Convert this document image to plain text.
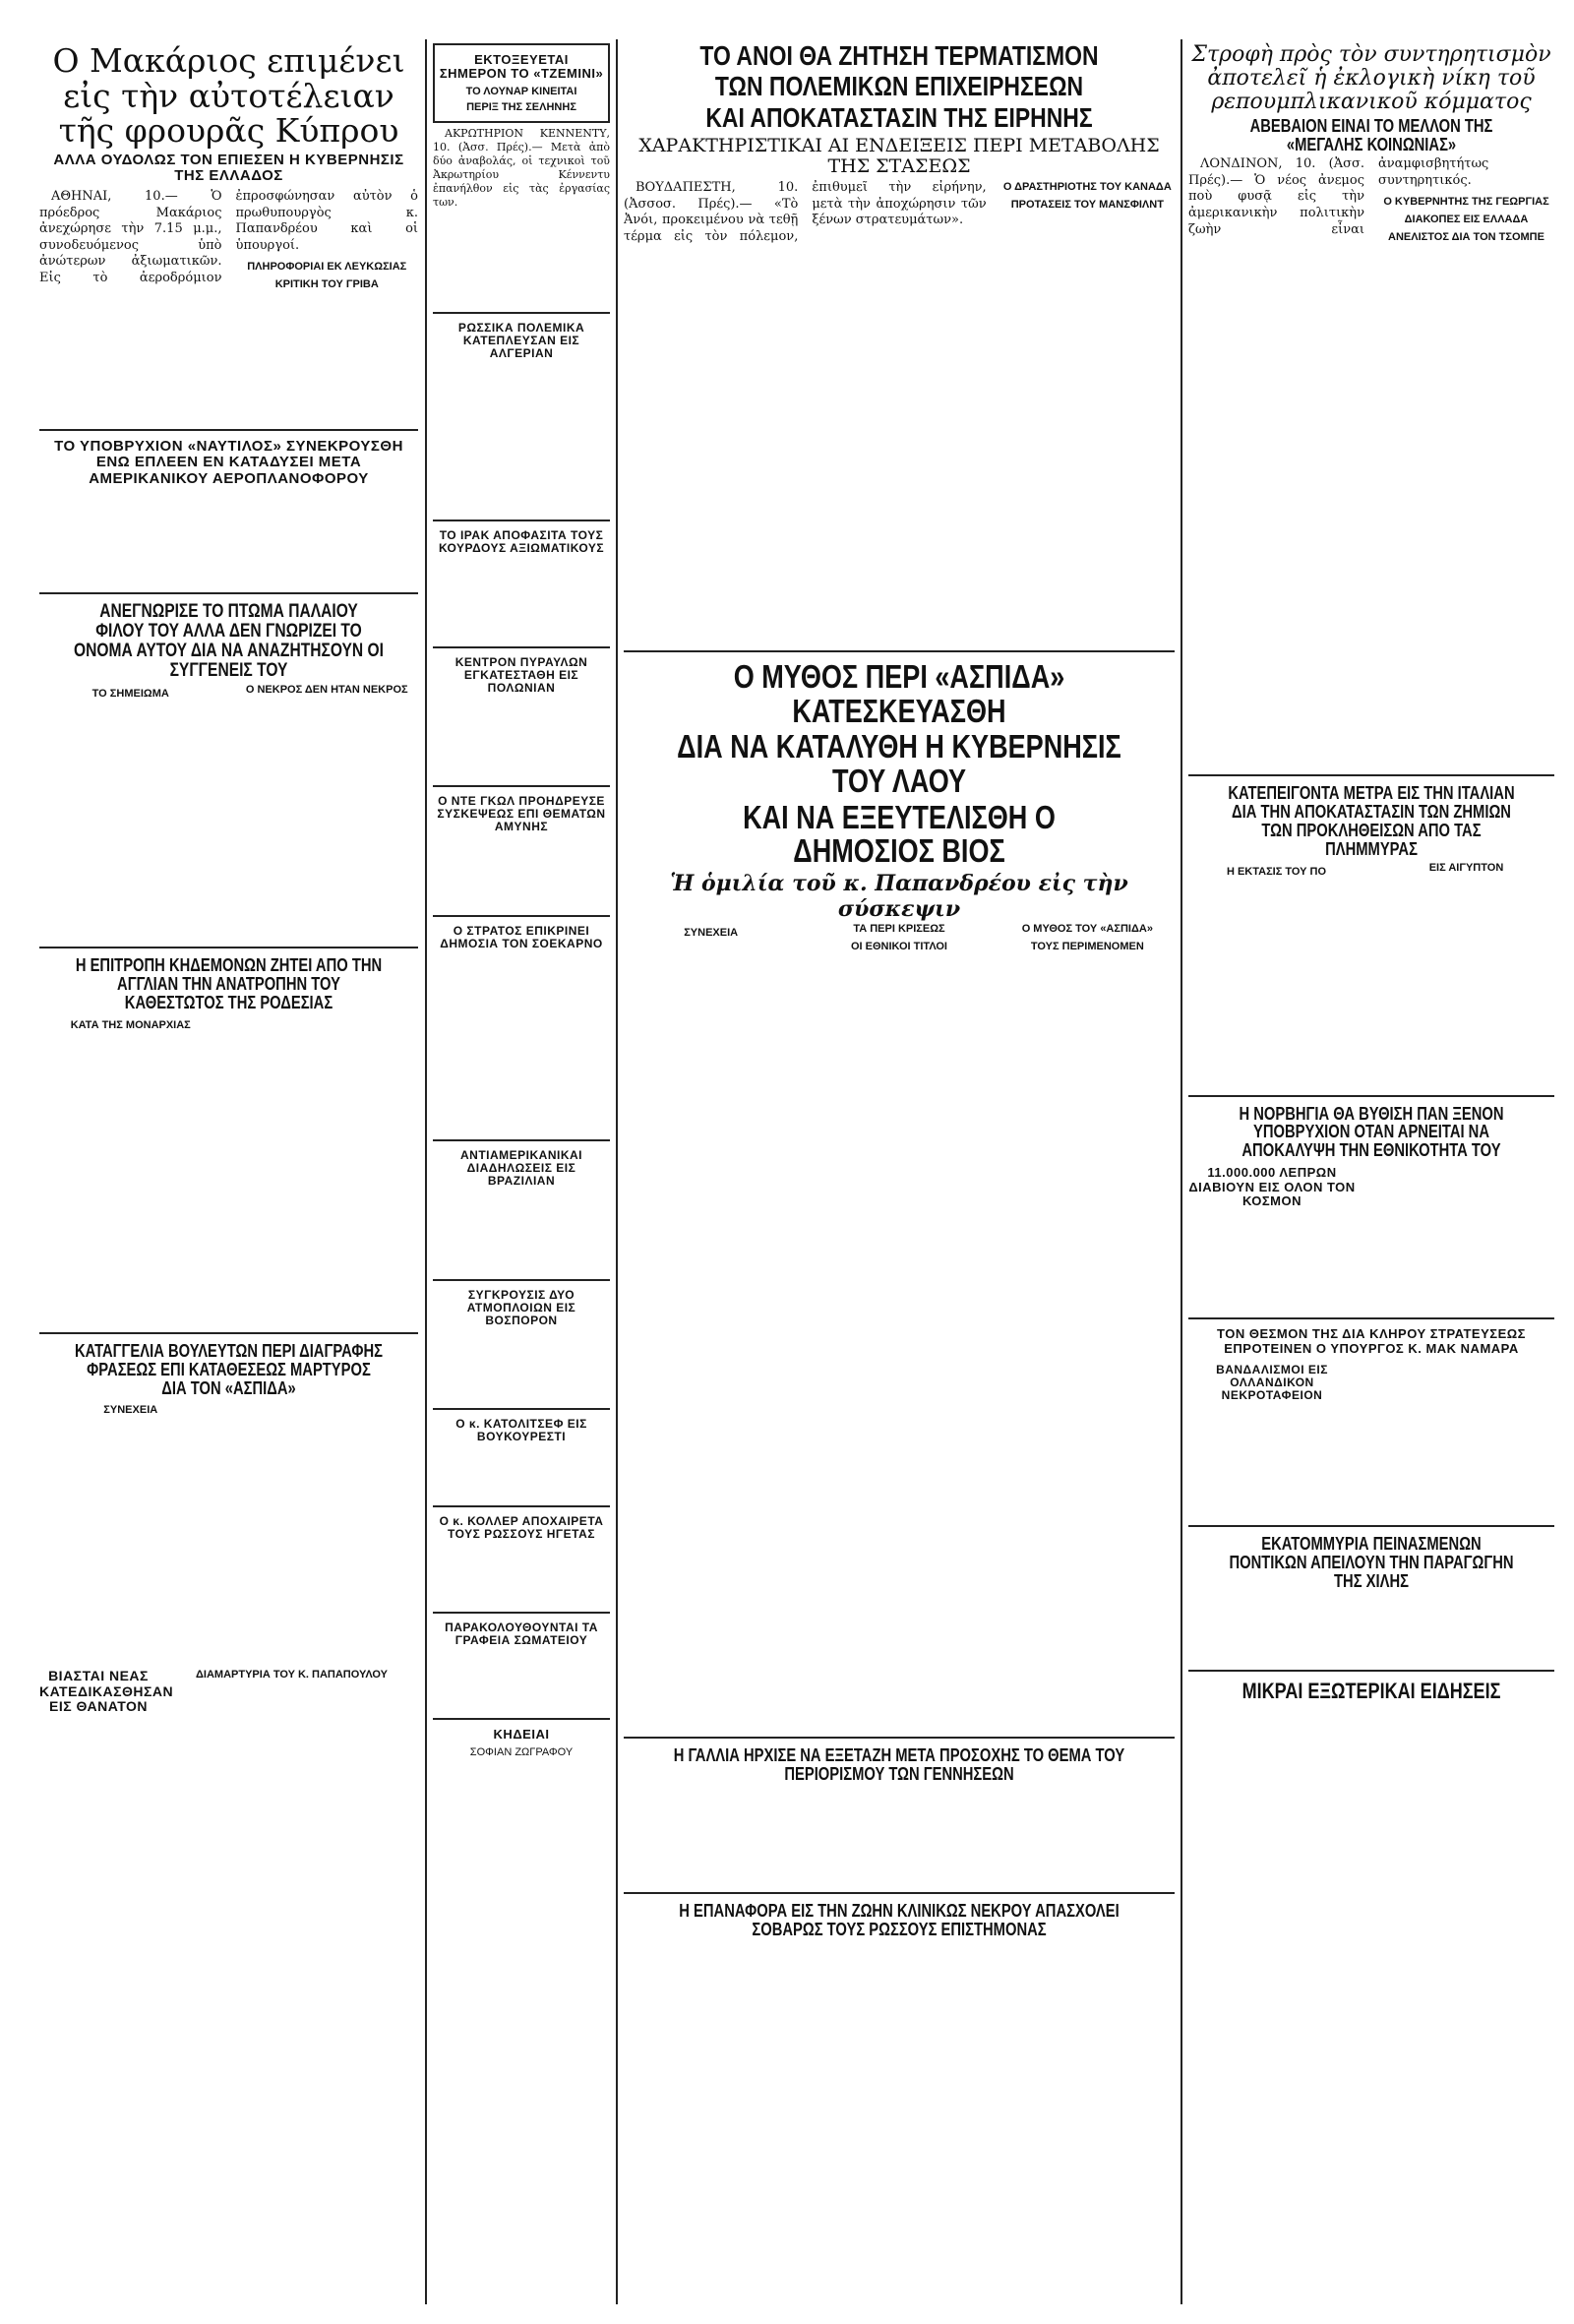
Ο Μακάριος επιμένει εἰς τὴν αὐτοτέλειαν τῆς φρουρᾶς Κύπρου
ΑΛΛΑ ΟΥΔΟΛΩΣ ΤΟΝ ΕΠΙΕΣΕΝ Η ΚΥΒΕΡΝΗΣΙΣ ΤΗΣ ΕΛΛΑΔΟΣ

ΑΘΗΝΑΙ, 10.— Ὁ πρόεδρος Μακάριος ἀνεχώρησε τὴν 7.15 μ.μ., συνοδευόμενος ὑπὸ ἀνώτερων ἀξιωματικῶν. Εἰς τὸ ἀεροδρόμιον ἐπροσφώνησαν αὐτὸν ὁ πρωθυπουργὸς κ. Παπανδρέου καὶ οἱ ὑπουργοί.

ΠΛΗΡΟΦΟΡΙΑΙ ΕΚ ΛΕΥΚΩΣΙΑΣ
ΚΡΙΤΙΚΗ ΤΟΥ ΓΡΙΒΑ
ΤΟ ΥΠΟΒΡΥΧΙΟΝ «ΝΑΥΤΙΛΟΣ» ΣΥΝΕΚΡΟΥΣΘΗ ΕΝΩ ΕΠΛΕΕΝ ΕΝ ΚΑΤΑΔΥΣΕΙ ΜΕΤΑ ΑΜΕΡΙΚΑΝΙΚΟΥ ΑΕΡΟΠΛΑΝΟΦΟΡΟΥ
ΑΝΕΓΝΩΡΙΣΕ ΤΟ ΠΤΩΜΑ ΠΑΛΑΙΟΥ ΦΙΛΟΥ ΤΟΥ ΑΛΛΑ ΔΕΝ ΓΝΩΡΙΖΕΙ ΤΟ ΟΝΟΜΑ ΑΥΤΟΥ ΔΙΑ ΝΑ ΑΝΑΖΗΤΗΣΟΥΝ ΟΙ ΣΥΓΓΕΝΕΙΣ ΤΟΥ
ΤΟ ΣΗΜΕΙΩΜΑ	Ο ΝΕΚΡΟΣ ΔΕΝ ΗΤΑΝ ΝΕΚΡΟΣ
Η ΕΠΙΤΡΟΠΗ ΚΗΔΕΜΟΝΩΝ ΖΗΤΕΙ ΑΠΟ ΤΗΝ ΑΓΓΛΙΑΝ ΤΗΝ ΑΝΑΤΡΟΠΗΝ ΤΟΥ ΚΑΘΕΣΤΩΤΟΣ ΤΗΣ ΡΟΔΕΣΙΑΣ
ΚΑΤΑ ΤΗΣ ΜΟΝΑΡΧΙΑΣ
ΚΑΤΑΓΓΕΛΙΑ ΒΟΥΛΕΥΤΩΝ ΠΕΡΙ ΔΙΑΓΡΑΦΗΣ ΦΡΑΣΕΩΣ ΕΠΙ ΚΑΤΑΘΕΣΕΩΣ ΜΑΡΤΥΡΟΣ ΔΙΑ ΤΟΝ «ΑΣΠΙΔΑ»
ΣΥΝΕΧΕΙΑ
ΒΙΑΣΤΑΙ ΝΕΑΣ ΚΑΤΕΔΙΚΑΣΘΗΣΑΝ ΕΙΣ ΘΑΝΑΤΟΝ
ΔΙΑΜΑΡΤΥΡΙΑ ΤΟΥ Κ. ΠΑΠΑΠΟΥΛΟΥ
ΕΚΤΟΞΕΥΕΤΑΙ ΣΗΜΕΡΟΝ ΤΟ «ΤΖΕΜΙΝΙ»
ΤΟ ΛΟΥΝΑΡ ΚΙΝΕΙΤΑΙ
ΠΕΡΙΞ ΤΗΣ ΣΕΛΗΝΗΣ

ΑΚΡΩΤΗΡΙΟΝ ΚΕΝΝΕΝΤΥ, 10. (Ἀσσ. Πρές).— Μετὰ ἀπὸ δύο ἀναβολάς, οἱ τεχνικοὶ τοῦ Ἀκρωτηρίου Κέννεντυ ἐπανήλθον εἰς τὰς ἐργασίας των.

ΡΩΣΣΙΚΑ ΠΟΛΕΜΙΚΑ ΚΑΤΕΠΛΕΥΣΑΝ ΕΙΣ ΑΛΓΕΡΙΑΝ
ΤΟ ΙΡΑΚ ΑΠΟΦΑΣΙΤΑ ΤΟΥΣ ΚΟΥΡΔΟΥΣ ΑΞΙΩΜΑΤΙΚΟΥΣ
ΚΕΝΤΡΟΝ ΠΥΡΑΥΛΩΝ ΕΓΚΑΤΕΣΤΑΘΗ ΕΙΣ ΠΟΛΩΝΙΑΝ
Ο ΝΤΕ ΓΚΩΛ ΠΡΟΗΔΡΕΥΣΕ ΣΥΣΚΕΨΕΩΣ ΕΠΙ ΘΕΜΑΤΩΝ ΑΜΥΝΗΣ
Ο ΣΤΡΑΤΟΣ ΕΠΙΚΡΙΝΕΙ ΔΗΜΟΣΙΑ ΤΟΝ ΣΟΕΚΑΡΝΟ
ΑΝΤΙΑΜΕΡΙΚΑΝΙΚΑΙ ΔΙΑΔΗΛΩΣΕΙΣ ΕΙΣ ΒΡΑΖΙΛΙΑΝ
ΣΥΓΚΡΟΥΣΙΣ ΔΥΟ ΑΤΜΟΠΛΟΙΩΝ ΕΙΣ ΒΟΣΠΟΡΟΝ
Ο κ. ΚΑΤΟΛΙΤΣΕΦ ΕΙΣ ΒΟΥΚΟΥΡΕΣΤΙ
Ο κ. ΚΟΛΛΕΡ ΑΠΟΧΑΙΡΕΤΑ ΤΟΥΣ ΡΩΣΣΟΥΣ ΗΓΕΤΑΣ
ΠΑΡΑΚΟΛΟΥΘΟΥΝΤΑΙ ΤΑ ΓΡΑΦΕΙΑ ΣΩΜΑΤΕΙΟΥ
ΚΗΔΕΙΑΙ
ΣΟΦΙΑΝ ΖΩΓΡΑΦΟΥ
ΤΟ ΑΝΟΙ ΘΑ ΖΗΤΗΣΗ ΤΕΡΜΑΤΙΣΜΟΝ
ΤΩΝ ΠΟΛΕΜΙΚΩΝ ΕΠΙΧΕΙΡΗΣΕΩΝ
ΚΑΙ ΑΠΟΚΑΤΑΣΤΑΣΙΝ ΤΗΣ ΕΙΡΗΝΗΣ
ΧΑΡΑΚΤΗΡΙΣΤΙΚΑΙ ΑΙ ΕΝΔΕΙΞΕΙΣ ΠΕΡΙ ΜΕΤΑΒΟΛΗΣ ΤΗΣ ΣΤΑΣΕΩΣ

ΒΟΥΔΑΠΕΣΤΗ, 10. (Ἀσσοσ. Πρές).— «Τὸ Ἀνόι, προκειμένου νὰ τεθῇ τέρμα εἰς τὸν πόλεμον, ἐπιθυμεῖ τὴν εἰρήνην, μετὰ τὴν ἀποχώρησιν τῶν ξένων στρατευμάτων».

Ο ΔΡΑΣΤΗΡΙΟΤΗΣ ΤΟΥ ΚΑΝΑΔΑ
ΠΡΟΤΑΣΕΙΣ ΤΟΥ ΜΑΝΣΦΙΛΝΤ
Ο ΜΥΘΟΣ ΠΕΡΙ «ΑΣΠΙΔΑ» ΚΑΤΕΣΚΕΥΑΣΘΗ
ΔΙΑ ΝΑ ΚΑΤΑΛΥΘΗ Η ΚΥΒΕΡΝΗΣΙΣ ΤΟΥ ΛΑΟΥ
ΚΑΙ ΝΑ ΕΞΕΥΤΕΛΙΣΘΗ Ο ΔΗΜΟΣΙΟΣ ΒΙΟΣ
Ἡ ὁμιλία τοῦ κ. Παπανδρέου εἰς τὴν σύσκεψιν
ΣΥΝΕΧΕΙΑ	ΤΑ ΠΕΡΙ ΚΡΙΣΕΩΣ
ΟΙ ΕΘΝΙΚΟΙ ΤΙΤΛΟΙ
Ο ΜΥΘΟΣ ΤΟΥ «ΑΣΠΙΔΑ»
ΤΟΥΣ ΠΕΡΙΜΕΝΟΜΕΝ
Η ΓΑΛΛΙΑ ΗΡΧΙΣΕ ΝΑ ΕΞΕΤΑΖΗ ΜΕΤΑ ΠΡΟΣΟΧΗΣ ΤΟ ΘΕΜΑ ΤΟΥ ΠΕΡΙΟΡΙΣΜΟΥ ΤΩΝ ΓΕΝΝΗΣΕΩΝ
Η ΕΠΑΝΑΦΟΡΑ ΕΙΣ ΤΗΝ ΖΩΗΝ ΚΛΙΝΙΚΩΣ ΝΕΚΡΟΥ ΑΠΑΣΧΟΛΕΙ ΣΟΒΑΡΩΣ ΤΟΥΣ ΡΩΣΣΟΥΣ ΕΠΙΣΤΗΜΟΝΑΣ
Στροφὴ πρὸς τὸν συντηρητισμὸν ἀποτελεῖ ἡ ἐκλογικὴ νίκη τοῦ ρεπουμπλικανικοῦ κόμματος
ΑΒΕΒΑΙΟΝ ΕΙΝΑΙ ΤΟ ΜΕΛΛΟΝ ΤΗΣ «ΜΕΓΑΛΗΣ ΚΟΙΝΩΝΙΑΣ»

ΛΟΝΔΙΝΟΝ, 10. (Ἀσσ. Πρές).— Ὁ νέος ἀνεμος ποὺ φυσᾷ εἰς τὴν ἀμερικανικὴν πολιτικὴν ζωὴν εἶναι ἀναμφισβητήτως συντηρητικός.

Ο ΚΥΒΕΡΝΗΤΗΣ ΤΗΣ ΓΕΩΡΓΙΑΣ
ΔΙΑΚΟΠΕΣ ΕΙΣ ΕΛΛΑΔΑ
ΑΝΕΛΙΣΤΟΣ ΔΙΑ ΤΟΝ ΤΣΟΜΠΕ
ΚΑΤΕΠΕΙΓΟΝΤΑ ΜΕΤΡΑ ΕΙΣ ΤΗΝ ΙΤΑΛΙΑΝ ΔΙΑ ΤΗΝ ΑΠΟΚΑΤΑΣΤΑΣΙΝ ΤΩΝ ΖΗΜΙΩΝ ΤΩΝ ΠΡΟΚΛΗΘΕΙΣΩΝ ΑΠΟ ΤΑΣ ΠΛΗΜΜΥΡΑΣ
Η ΕΚΤΑΣΙΣ ΤΟΥ ΠΟ	ΕΙΣ ΑΙΓΥΠΤΟΝ
Η ΝΟΡΒΗΓΙΑ ΘΑ ΒΥΘΙΣΗ ΠΑΝ ΞΕΝΟΝ ΥΠΟΒΡΥΧΙΟΝ ΟΤΑΝ ΑΡΝΕΙΤΑΙ ΝΑ ΑΠΟΚΑΛΥΨΗ ΤΗΝ ΕΘΝΙΚΟΤΗΤΑ ΤΟΥ
11.000.000 ΛΕΠΡΩΝ ΔΙΑΒΙΟΥΝ ΕΙΣ ΟΛΟΝ ΤΟΝ ΚΟΣΜΟΝ
ΤΟΝ ΘΕΣΜΟΝ ΤΗΣ ΔΙΑ ΚΛΗΡΟΥ ΣΤΡΑΤΕΥΣΕΩΣ ΕΠΡΟΤΕΙΝΕΝ Ο ΥΠΟΥΡΓΟΣ Κ. ΜΑΚ ΝΑΜΑΡΑ
ΒΑΝΔΑΛΙΣΜΟΙ ΕΙΣ ΟΛΛΑΝΔΙΚΟΝ ΝΕΚΡΟΤΑΦΕΙΟΝ
ΕΚΑΤΟΜΜΥΡΙΑ ΠΕΙΝΑΣΜΕΝΩΝ ΠΟΝΤΙΚΩΝ ΑΠΕΙΛΟΥΝ ΤΗΝ ΠΑΡΑΓΩΓΗΝ ΤΗΣ ΧΙΛΗΣ
ΜΙΚΡΑΙ ΕΞΩΤΕΡΙΚΑΙ ΕΙΔΗΣΕΙΣ
